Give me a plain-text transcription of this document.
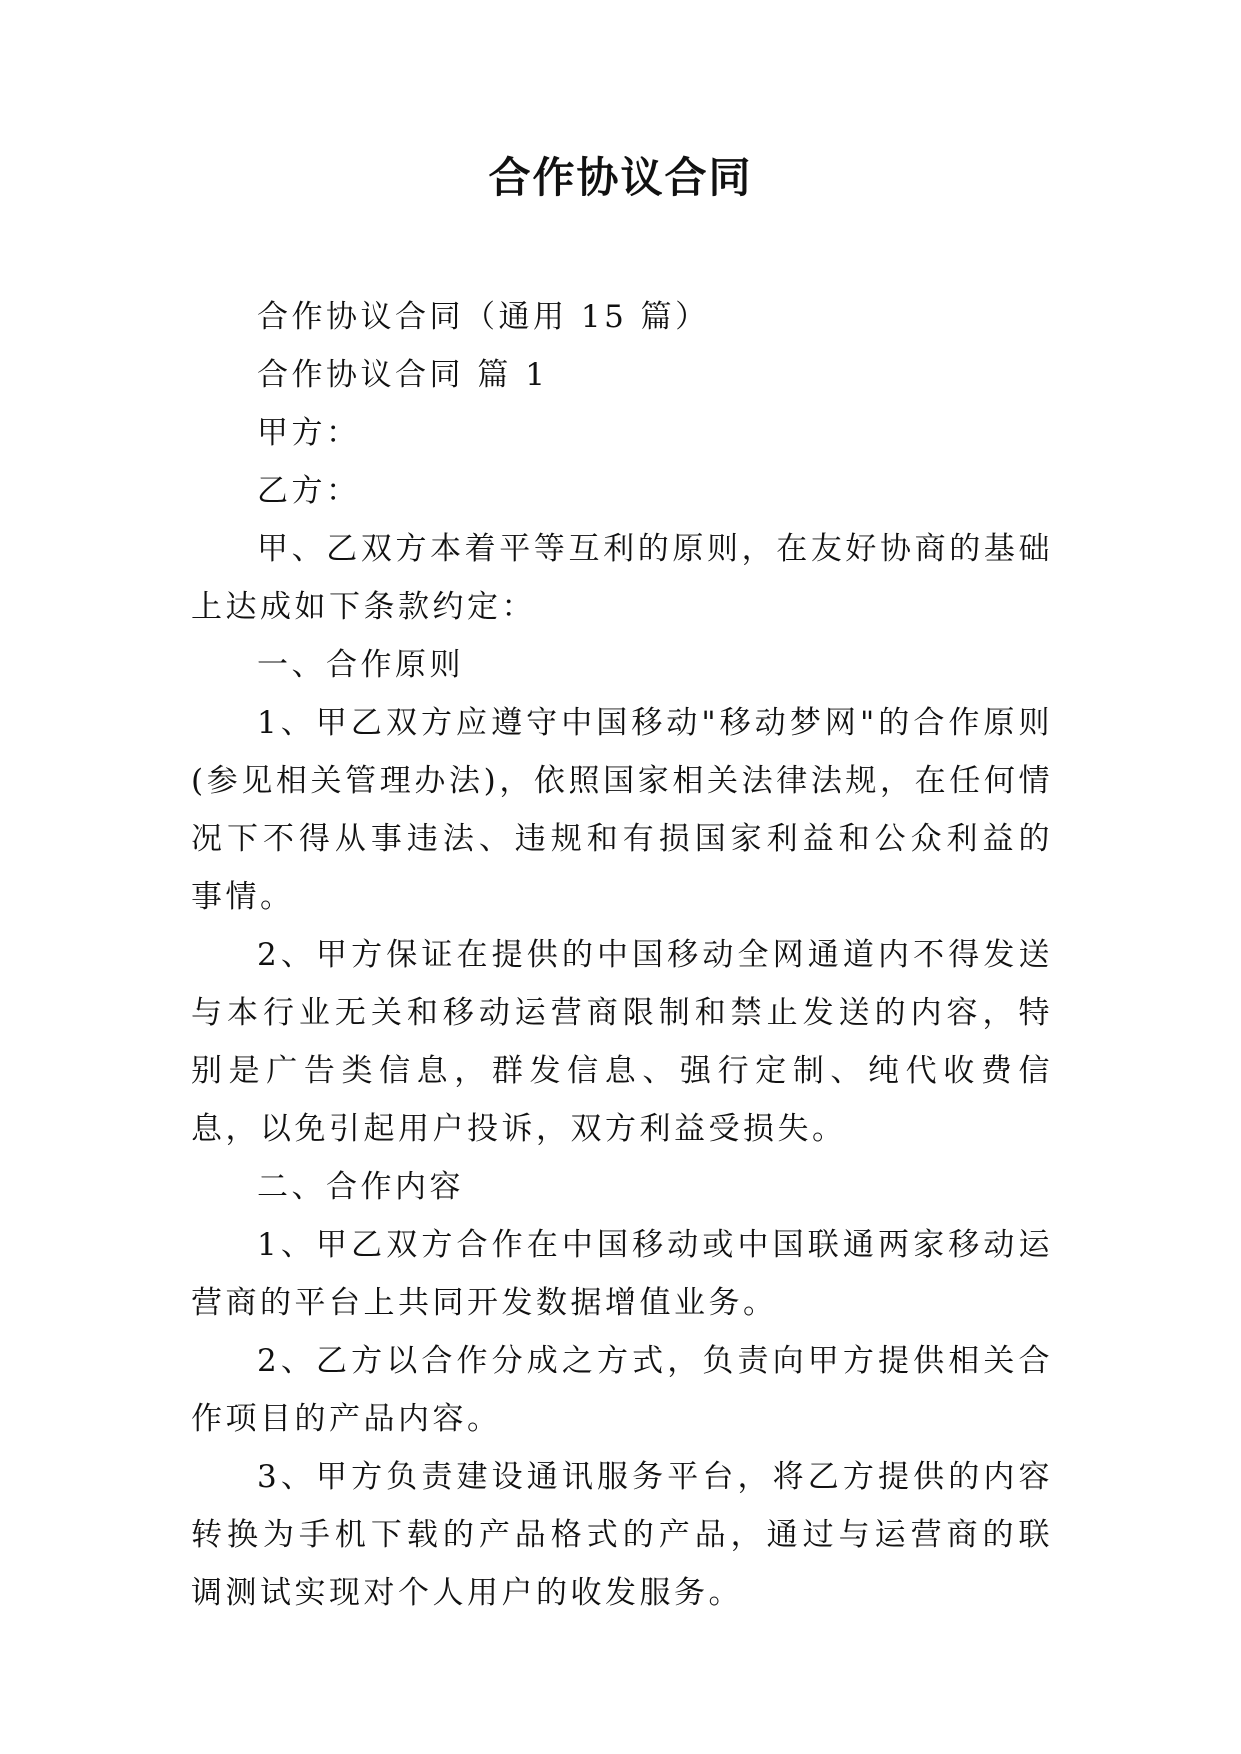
合作协议合同

合作协议合同（通用 15 篇）

合作协议合同 篇 1

甲方：

乙方：

甲、乙双方本着平等互利的原则，在友好协商的基础上达成如下条款约定：

一、合作原则

1、甲乙双方应遵守中国移动"移动梦网"的合作原则(参见相关管理办法)，依照国家相关法律法规，在任何情况下不得从事违法、违规和有损国家利益和公众利益的事情。

2、甲方保证在提供的中国移动全网通道内不得发送与本行业无关和移动运营商限制和禁止发送的内容，特别是广告类信息，群发信息、强行定制、纯代收费信息，以免引起用户投诉，双方利益受损失。

二、合作内容

1、甲乙双方合作在中国移动或中国联通两家移动运营商的平台上共同开发数据增值业务。

2、乙方以合作分成之方式，负责向甲方提供相关合作项目的产品内容。

3、甲方负责建设通讯服务平台，将乙方提供的内容转换为手机下载的产品格式的产品，通过与运营商的联调测试实现对个人用户的收发服务。
